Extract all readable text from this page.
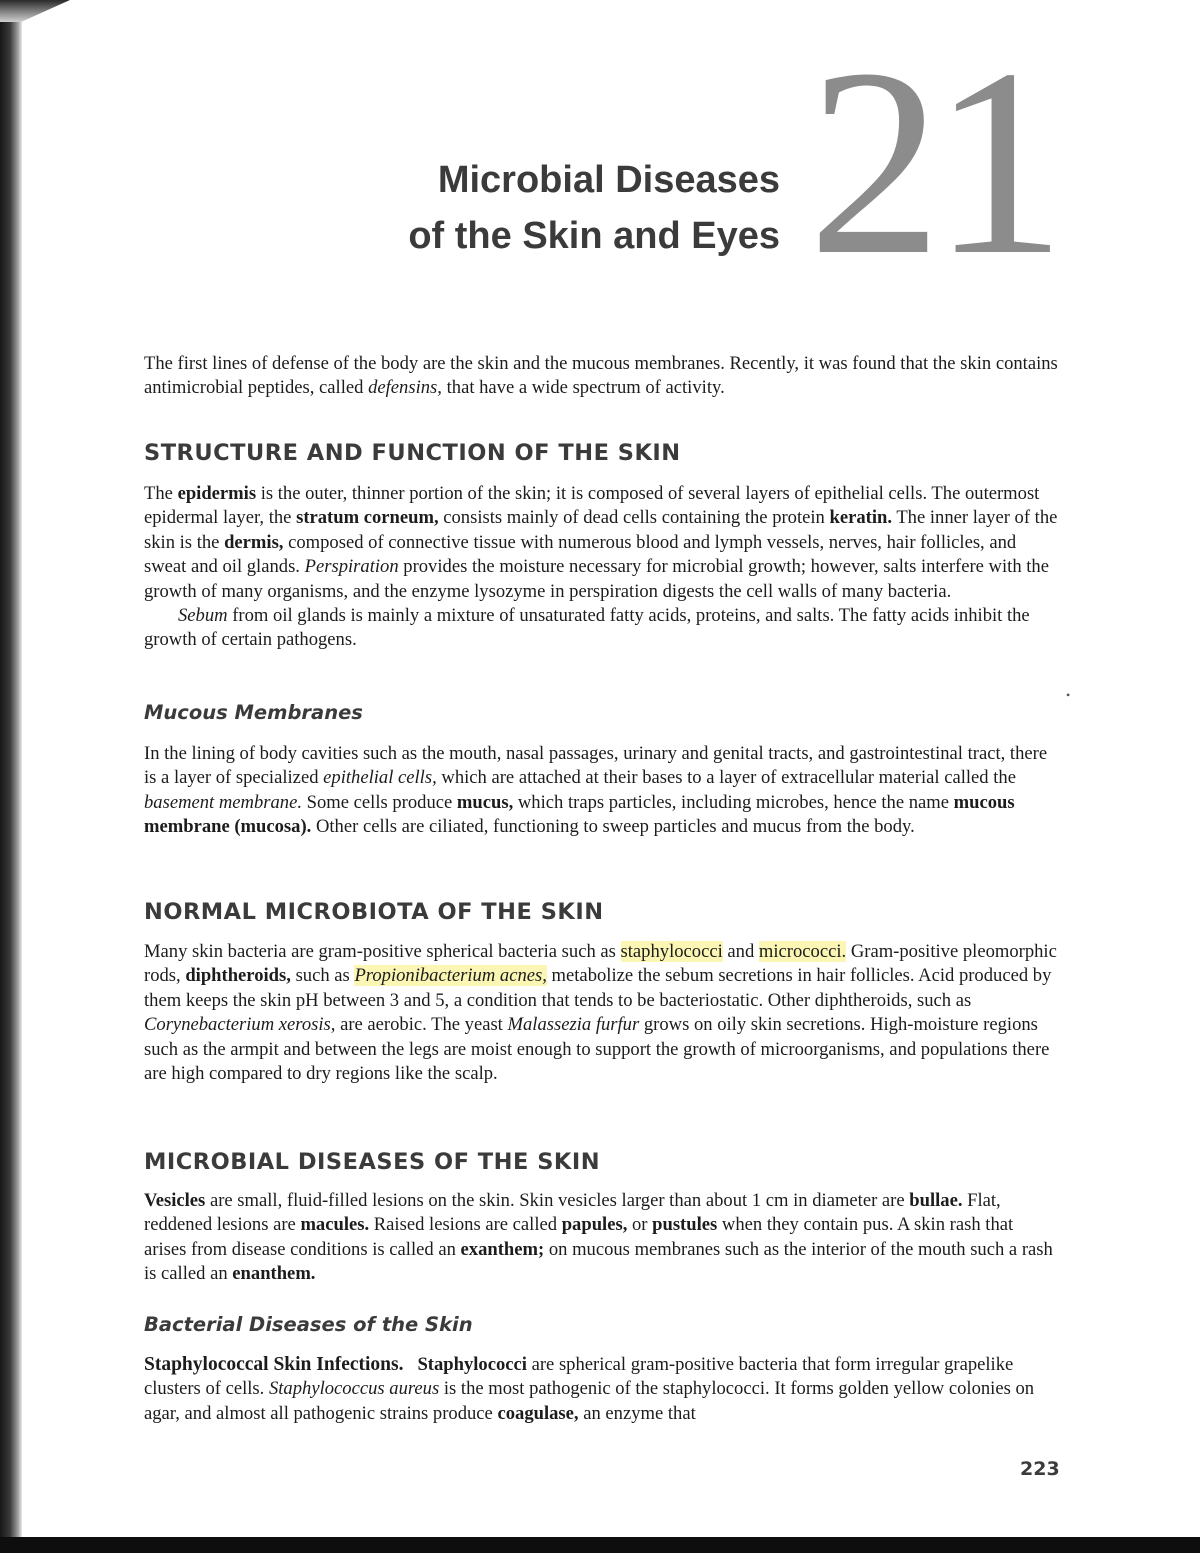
21
Microbial Diseases
of the Skin and Eyes

The first lines of defense of the body are the skin and the mucous membranes. Recently, it was found that the skin contains antimicrobial peptides, called defensins, that have a wide spectrum of activity.

STRUCTURE AND FUNCTION OF THE SKIN

The epidermis is the outer, thinner portion of the skin; it is composed of several layers of epithelial cells. The outermost epidermal layer, the stratum corneum, consists mainly of dead cells containing the protein keratin. The inner layer of the skin is the dermis, composed of connective tissue with numerous blood and lymph vessels, nerves, hair follicles, and sweat and oil glands. Perspiration provides the moisture necessary for microbial growth; however, salts interfere with the growth of many organisms, and the enzyme lysozyme in perspiration digests the cell walls of many bacteria.

Sebum from oil glands is mainly a mixture of unsaturated fatty acids, proteins, and salts. The fatty acids inhibit the growth of certain pathogens.

Mucous Membranes

In the lining of body cavities such as the mouth, nasal passages, urinary and genital tracts, and gastrointestinal tract, there is a layer of specialized epithelial cells, which are attached at their bases to a layer of extracellular material called the basement membrane. Some cells produce mucus, which traps particles, including microbes, hence the name mucous membrane (mucosa). Other cells are ciliated, functioning to sweep particles and mucus from the body.

NORMAL MICROBIOTA OF THE SKIN

Many skin bacteria are gram-positive spherical bacteria such as staphylococci and micrococci. Gram-positive pleomorphic rods, diphtheroids, such as Propionibacterium acnes, metabolize the sebum secretions in hair follicles. Acid produced by them keeps the skin pH between 3 and 5, a condition that tends to be bacteriostatic. Other diphtheroids, such as Corynebacterium xerosis, are aerobic. The yeast Malassezia furfur grows on oily skin secretions. High-moisture regions such as the armpit and between the legs are moist enough to support the growth of microorganisms, and populations there are high compared to dry regions like the scalp.

MICROBIAL DISEASES OF THE SKIN

Vesicles are small, fluid-filled lesions on the skin. Skin vesicles larger than about 1 cm in diameter are bullae. Flat, reddened lesions are macules. Raised lesions are called papules, or pustules when they contain pus. A skin rash that arises from disease conditions is called an exanthem; on mucous membranes such as the interior of the mouth such a rash is called an enanthem.

Bacterial Diseases of the Skin

Staphylococcal Skin Infections. Staphylococci are spherical gram-positive bacteria that form irregular grapelike clusters of cells. Staphylococcus aureus is the most pathogenic of the staphylococci. It forms golden yellow colonies on agar, and almost all pathogenic strains produce coagulase, an enzyme that

•
223
